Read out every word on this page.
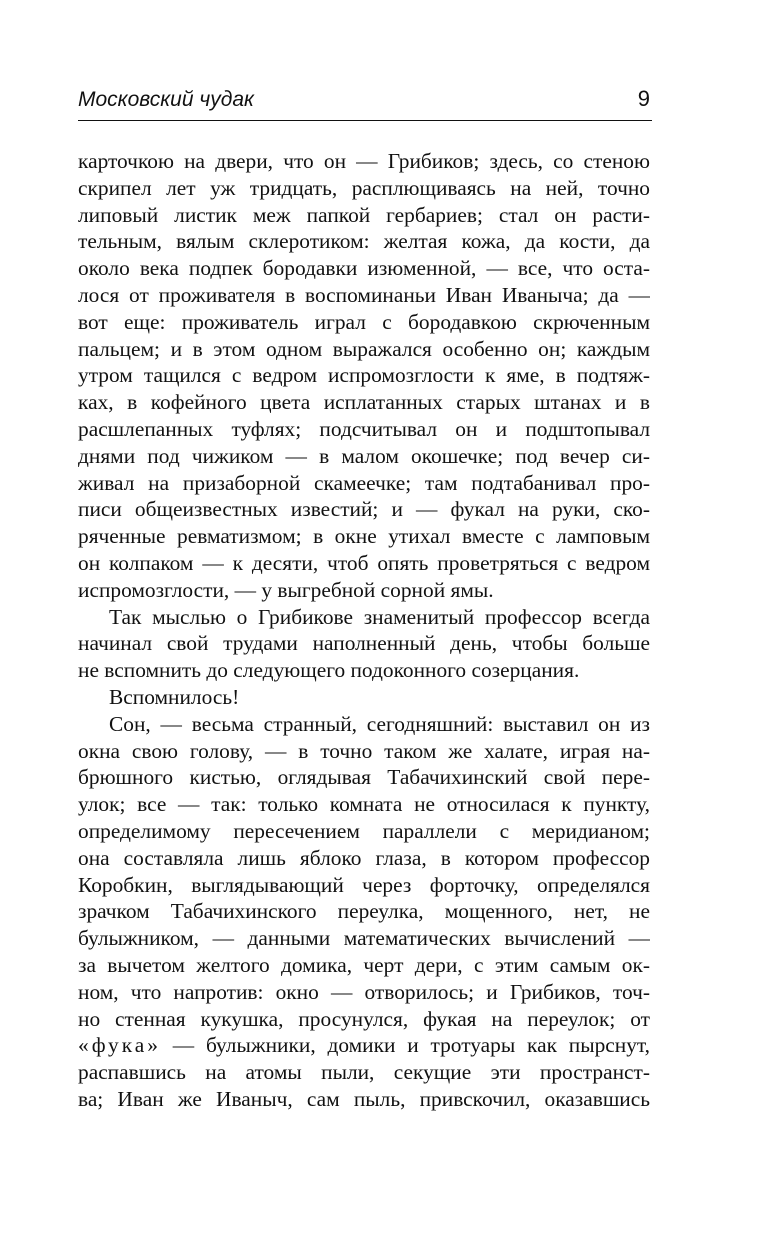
Московский чудак	9
карточкою на двери, что он — Грибиков; здесь, со стеною
скрипел лет уж тридцать, расплющиваясь на ней, точно
липовый листик меж папкой гербариев; стал он расти-
тельным, вялым склеротиком: желтая кожа, да кости, да
около века подпек бородавки изюменной, — все, что оста-
лося от проживателя в воспоминаньи Иван Иваныча; да —
вот еще: проживатель играл с бородавкою скрюченным
пальцем; и в этом одном выражался особенно он; каждым
утром тащился с ведром испромозглости к яме, в подтяж-
ках, в кофейного цвета исплатанных старых штанах и в
расшлепанных туфлях; подсчитывал он и подштопывал
днями под чижиком — в малом окошечке; под вечер си-
живал на призаборной скамеечке; там подтабанивал про-
писи общеизвестных известий; и — фукал на руки, ско-
ряченные ревматизмом; в окне утихал вместе с ламповым
он колпаком — к десяти, чтоб опять проветряться с ведром
испромозглости, — у выгребной сорной ямы.
Так мыслью о Грибикове знаменитый профессор всегда
начинал свой трудами наполненный день, чтобы больше
не вспомнить до следующего подоконного созерцания.
Вспомнилось!
Сон, — весьма странный, сегодняшний: выставил он из
окна свою голову, — в точно таком же халате, играя на-
брюшного кистью, оглядывая Табачихинский свой пере-
улок; все — так: только комната не относилася к пункту,
определимому пересечением параллели с меридианом;
она составляла лишь яблоко глаза, в котором профессор
Коробкин, выглядывающий через форточку, определялся
зрачком Табачихинского переулка, мощенного, нет, не
булыжником, — данными математических вычислений —
за вычетом желтого домика, черт дери, с этим самым ок-
ном, что напротив: окно — отворилось; и Грибиков, точ-
но стенная кукушка, просунулся, фукая на переулок; от
«фука» — булыжники, домики и тротуары как пырснут,
распавшись на атомы пыли, секущие эти пространст-
ва; Иван же Иваныч, сам пыль, привскочил, оказавшись
